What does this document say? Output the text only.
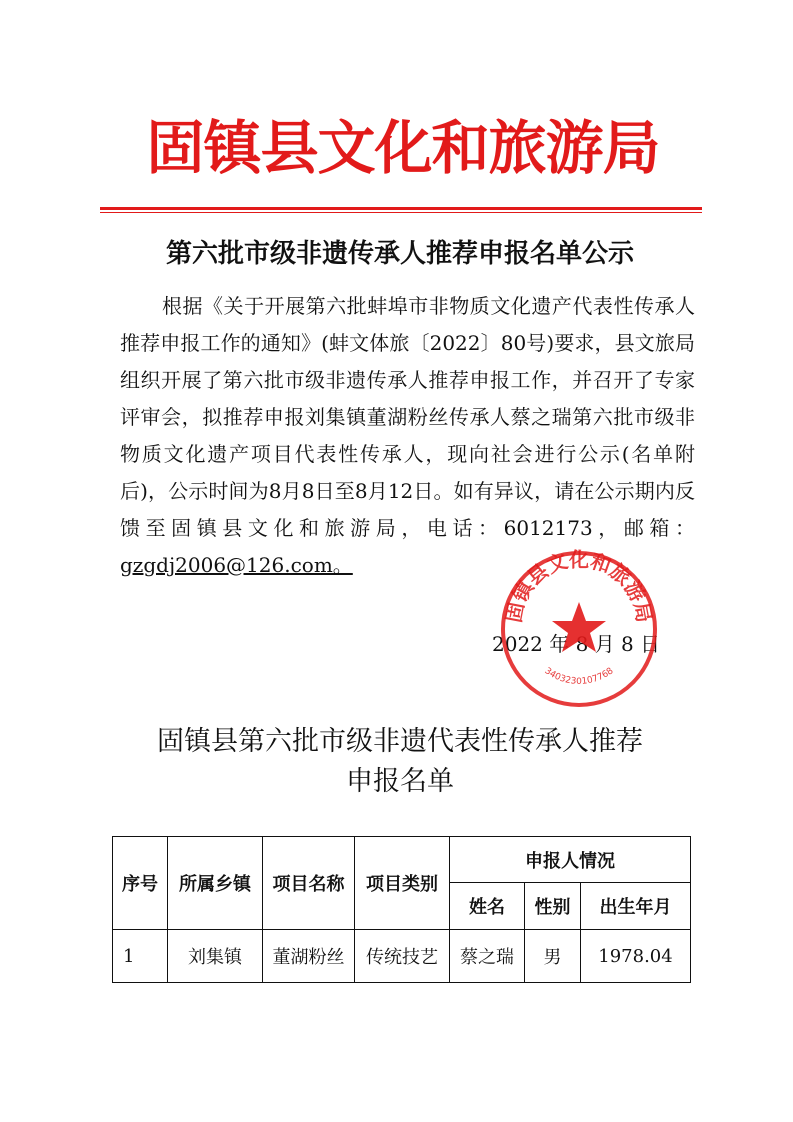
固镇县文化和旅游局
第六批市级非遗传承人推荐申报名单公示

根据《关于开展第六批蚌埠市非物质文化遗产代表性传承人推荐申报工作的通知》(蚌文体旅〔2022〕80号)要求，县文旅局组织开展了第六批市级非遗传承人推荐申报工作，并召开了专家评审会，拟推荐申报刘集镇董湖粉丝传承人蔡之瑞第六批市级非物质文化遗产项目代表性传承人，现向社会进行公示(名单附后)，公示时间为8月8日至8月12日。如有异议，请在公示期内反馈至固镇县文化和旅游局，电话：6012173，邮箱：gzgdj2006@126.com。

2022 年 8 月 8 日
固镇县文化和旅游局
3403230107768
固镇县第六批市级非遗代表性传承人推荐
申报名单
序号	所属乡镇	项目名称	项目类别	申报人情况		
				姓名	性别	出生年月
1	刘集镇	董湖粉丝	传统技艺	蔡之瑞	男	1978.04
